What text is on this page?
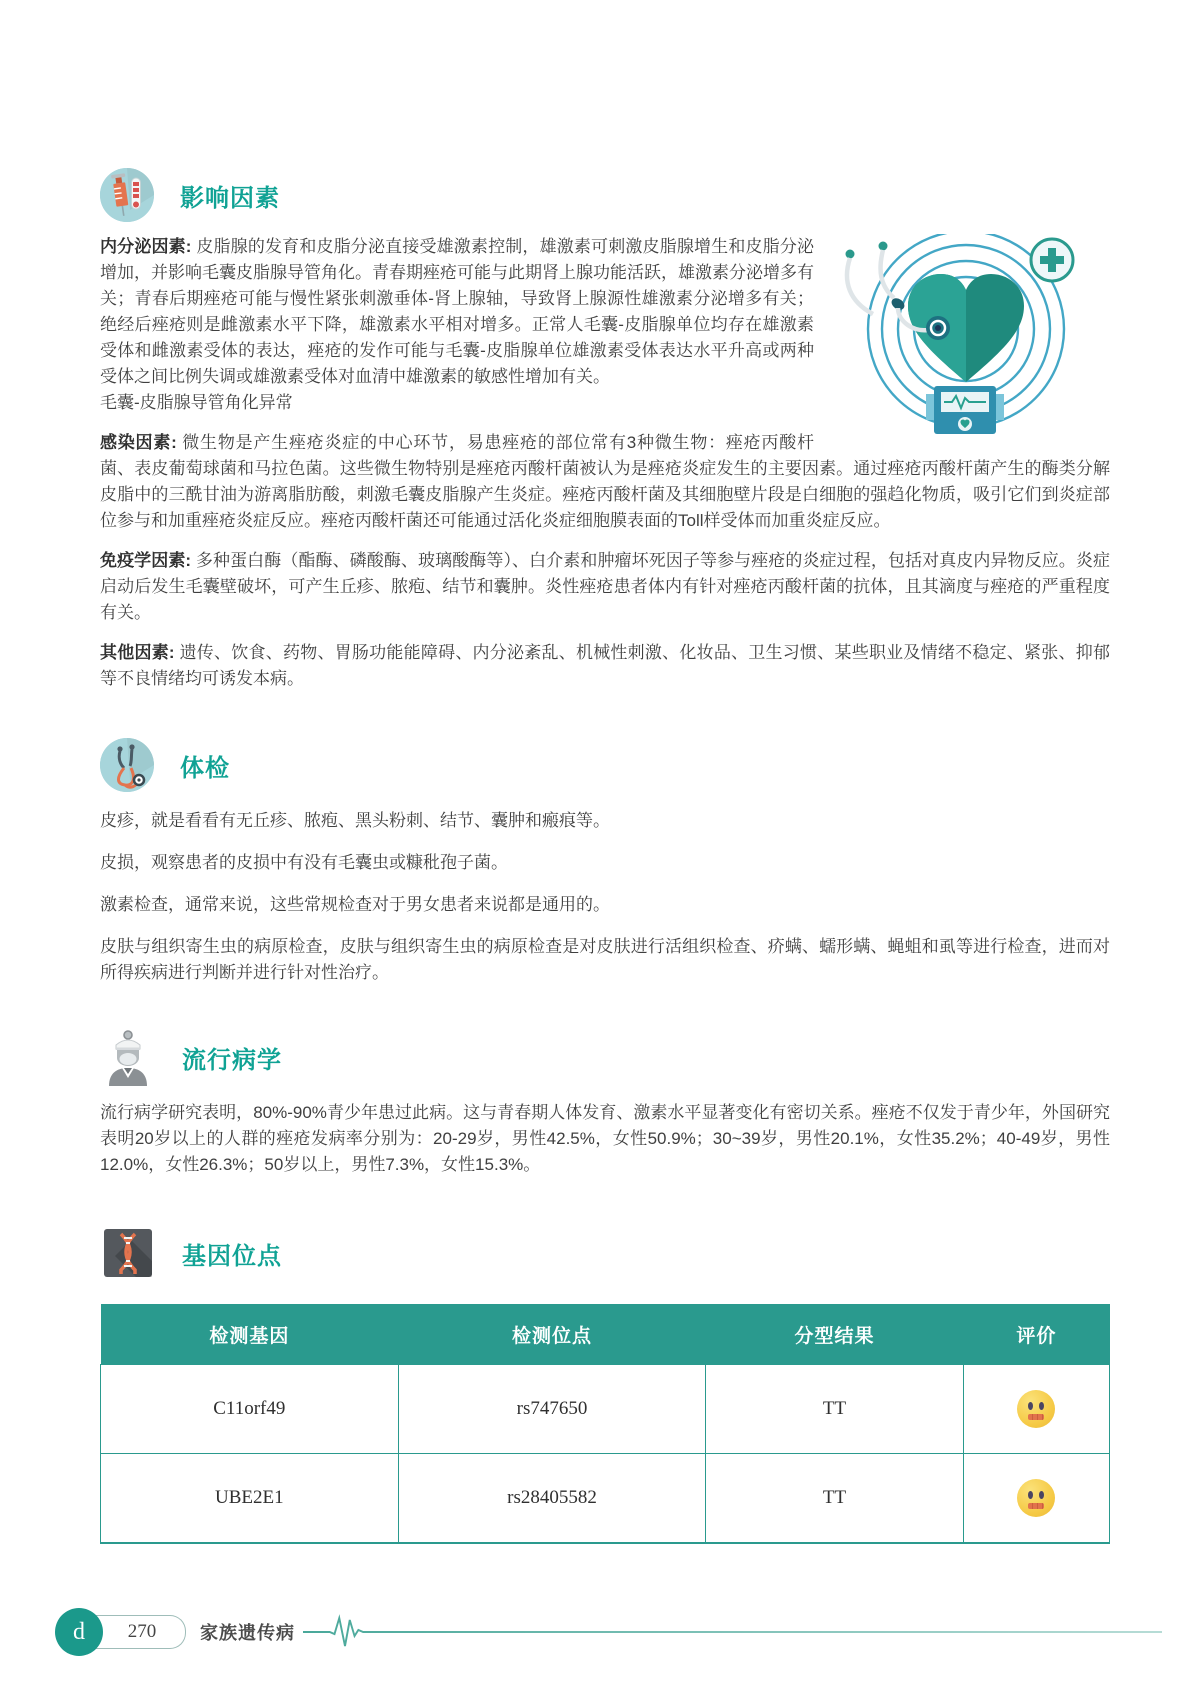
影响因素
内分泌因素: 皮脂腺的发育和皮脂分泌直接受雄激素控制，雄激素可刺激皮脂腺增生和皮脂分泌增加，并影响毛囊皮脂腺导管角化。青春期痤疮可能与此期肾上腺功能活跃，雄激素分泌增多有关；青春后期痤疮可能与慢性紧张刺激垂体-肾上腺轴，导致肾上腺源性雄激素分泌增多有关；绝经后痤疮则是雌激素水平下降，雄激素水平相对增多。正常人毛囊-皮脂腺单位均存在雄激素受体和雌激素受体的表达，痤疮的发作可能与毛囊-皮脂腺单位雄激素受体表达水平升高或两种受体之间比例失调或雄激素受体对血清中雄激素的敏感性增加有关。
毛囊-皮脂腺导管角化异常
感染因素: 微生物是产生痤疮炎症的中心环节，易患痤疮的部位常有3种微生物：痤疮丙酸杆菌、表皮葡萄球菌和马拉色菌。这些微生物特别是痤疮丙酸杆菌被认为是痤疮炎症发生的主要因素。通过痤疮丙酸杆菌产生的酶类分解皮脂中的三酰甘油为游离脂肪酸，刺激毛囊皮脂腺产生炎症。痤疮丙酸杆菌及其细胞壁片段是白细胞的强趋化物质，吸引它们到炎症部位参与和加重痤疮炎症反应。痤疮丙酸杆菌还可能通过活化炎症细胞膜表面的Toll样受体而加重炎症反应。
免疫学因素: 多种蛋白酶（酯酶、磷酸酶、玻璃酸酶等）、白介素和肿瘤坏死因子等参与痤疮的炎症过程，包括对真皮内异物反应。炎症启动后发生毛囊壁破坏，可产生丘疹、脓疱、结节和囊肿。炎性痤疮患者体内有针对痤疮丙酸杆菌的抗体，且其滴度与痤疮的严重程度有关。
其他因素: 遗传、饮食、药物、胃肠功能能障碍、内分泌紊乱、机械性刺激、化妆品、卫生习惯、某些职业及情绪不稳定、紧张、抑郁等不良情绪均可诱发本病。
体检
皮疹，就是看看有无丘疹、脓疱、黑头粉刺、结节、囊肿和瘢痕等。
皮损，观察患者的皮损中有没有毛囊虫或糠秕孢子菌。
激素检查，通常来说，这些常规检查对于男女患者来说都是通用的。
皮肤与组织寄生虫的病原检查，皮肤与组织寄生虫的病原检查是对皮肤进行活组织检查、疥螨、蠕形螨、蝇蛆和虱等进行检查，进而对所得疾病进行判断并进行针对性治疗。
流行病学
流行病学研究表明，80%-90%青少年患过此病。这与青春期人体发育、激素水平显著变化有密切关系。痤疮不仅发于青少年，外国研究表明20岁以上的人群的痤疮发病率分别为：20-29岁，男性42.5%，女性50.9%；30~39岁，男性20.1%，女性35.2%；40-49岁，男性12.0%，女性26.3%；50岁以上，男性7.3%，女性15.3%。
基因位点
检测基因	检测位点	分型结果	评价
C11orf49	rs747650	TT	

UBE2E1	rs28405582	TT	
d	270	家族遗传病
